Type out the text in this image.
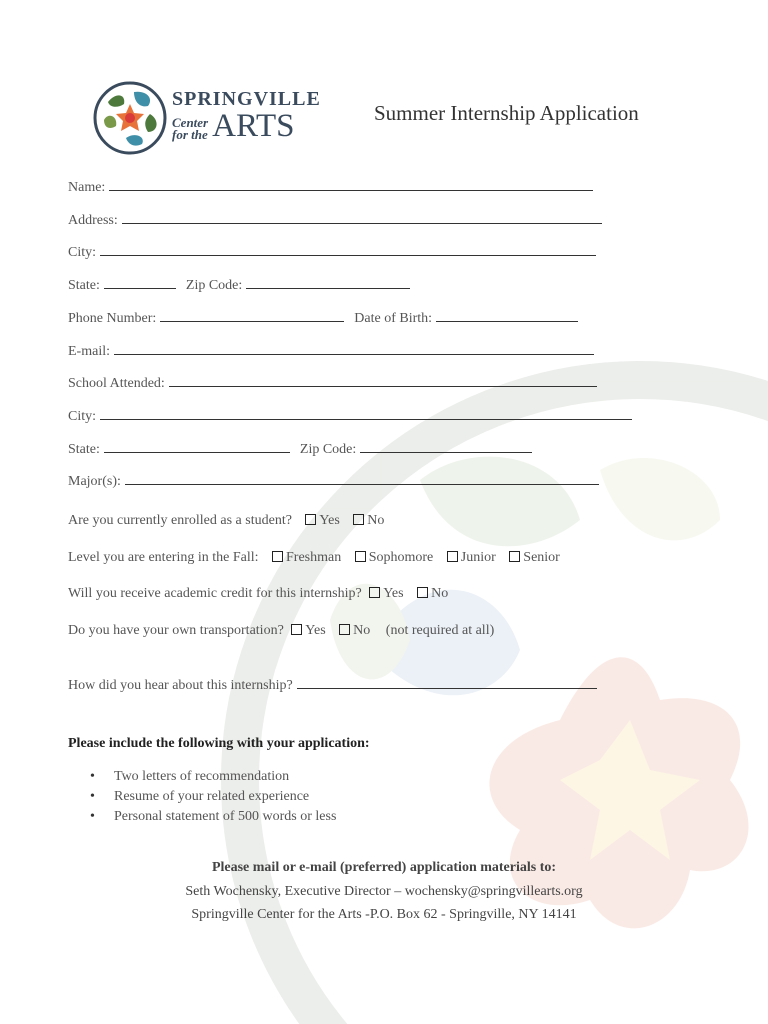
SPRINGVILLE
Center
for the ARTS	Summer Internship Application
Name:
Address:
City:
State:	Zip Code:
Phone Number:	Date of Birth:
E-mail:
School Attended:
City:
State:	Zip Code:
Major(s):
Are you currently enrolled as a student? Yes No
Level you are entering in the Fall: Freshman Sophomore Junior Senior
Will you receive academic credit for this internship? Yes No
Do you have your own transportation? Yes No (not required at all)
How did you hear about this internship?
Please include the following with your application:
• Two letters of recommendation
• Resume of your related experience
• Personal statement of 500 words or less
Please mail or e-mail (preferred) application materials to:
Seth Wochensky, Executive Director – wochensky@springvillearts.org
Springville Center for the Arts -P.O. Box 62 - Springville, NY 14141
